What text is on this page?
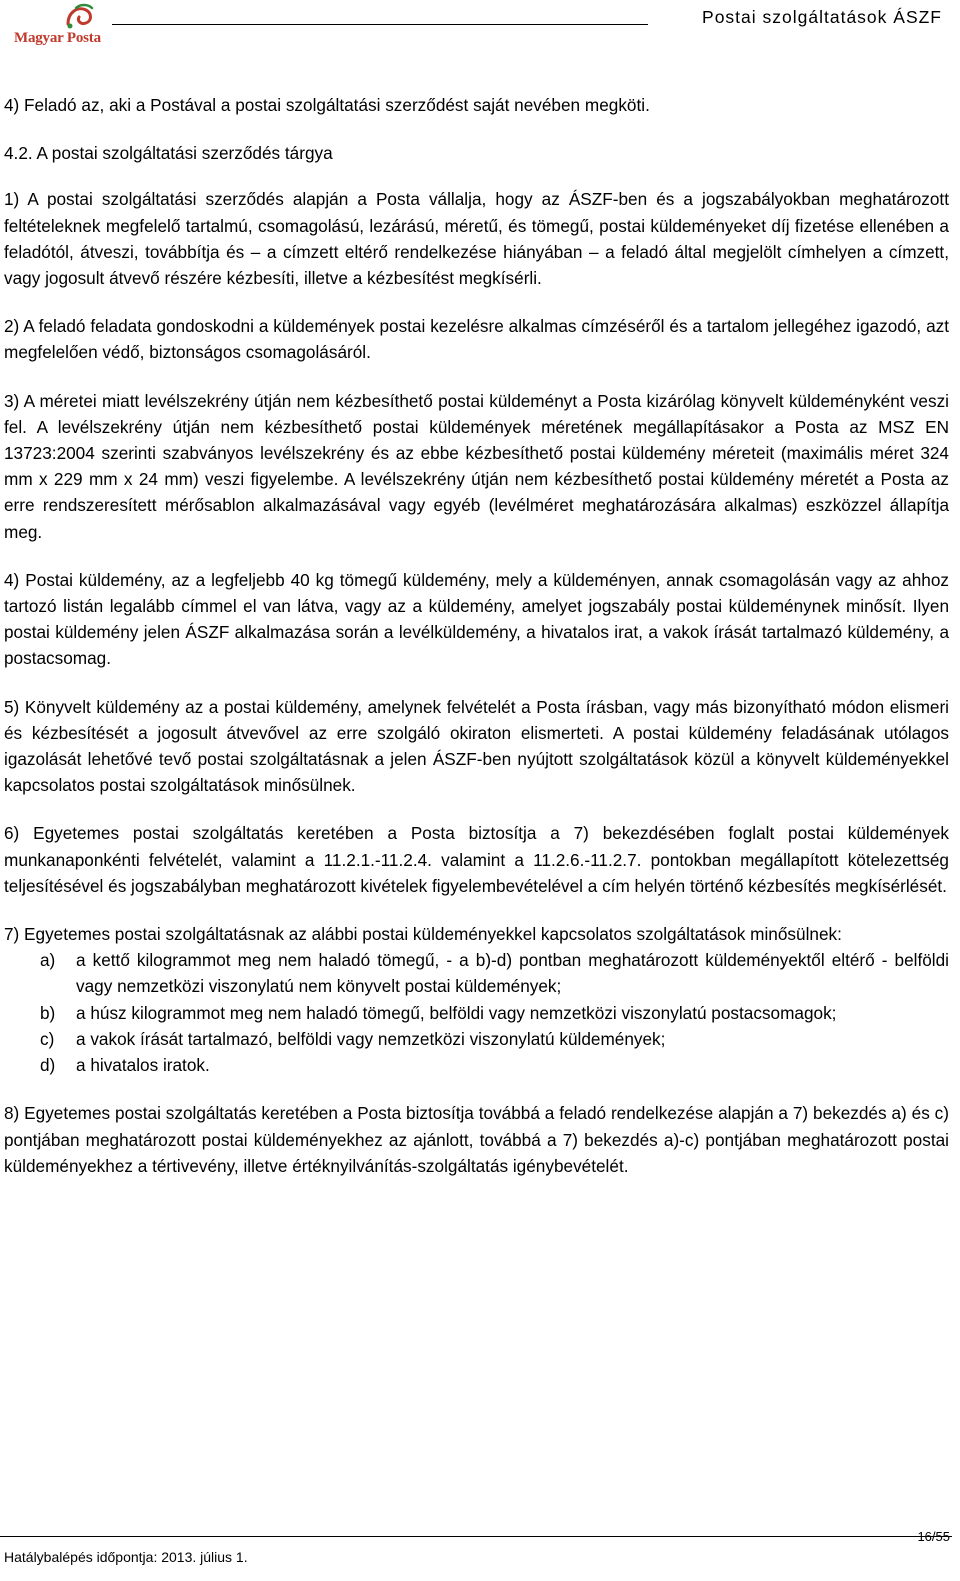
Magyar Posta
Postai szolgáltatások ÁSZF

4) Feladó az, aki a Postával a postai szolgáltatási szerződést saját nevében megköti.

4.2. A postai szolgáltatási szerződés tárgya

1) A postai szolgáltatási szerződés alapján a Posta vállalja, hogy az ÁSZF-ben és a jogszabályokban meghatározott feltételeknek megfelelő tartalmú, csomagolású, lezárású, méretű, és tömegű, postai küldeményeket díj fizetése ellenében a feladótól, átveszi, továbbítja és – a címzett eltérő rendelkezése hiányában – a feladó által megjelölt címhelyen a címzett, vagy jogosult átvevő részére kézbesíti, illetve a kézbesítést megkísérli.

2) A feladó feladata gondoskodni a küldemények postai kezelésre alkalmas címzéséről és a tartalom jellegéhez igazodó, azt megfelelően védő, biztonságos csomagolásáról.

3) A méretei miatt levélszekrény útján nem kézbesíthető postai küldeményt a Posta kizárólag könyvelt küldeményként veszi fel. A levélszekrény útján nem kézbesíthető postai küldemények méretének megállapításakor a Posta az MSZ EN 13723:2004 szerinti szabványos levélszekrény és az ebbe kézbesíthető postai küldemény méreteit (maximális méret 324 mm x 229 mm x 24 mm) veszi figyelembe. A levélszekrény útján nem kézbesíthető postai küldemény méretét a Posta az erre rendszeresített mérősablon alkalmazásával vagy egyéb (levélméret meghatározására alkalmas) eszközzel állapítja meg.

4) Postai küldemény, az a legfeljebb 40 kg tömegű küldemény, mely a küldeményen, annak csomagolásán vagy az ahhoz tartozó listán legalább címmel el van látva, vagy az a küldemény, amelyet jogszabály postai küldeménynek minősít. Ilyen postai küldemény jelen ÁSZF alkalmazása során a levélküldemény, a hivatalos irat, a vakok írását tartalmazó küldemény, a postacsomag.

5) Könyvelt küldemény az a postai küldemény, amelynek felvételét a Posta írásban, vagy más bizonyítható módon elismeri és kézbesítését a jogosult átvevővel az erre szolgáló okiraton elismerteti. A postai küldemény feladásának utólagos igazolását lehetővé tevő postai szolgáltatásnak a jelen ÁSZF-ben nyújtott szolgáltatások közül a könyvelt küldeményekkel kapcsolatos postai szolgáltatások minősülnek.

6) Egyetemes postai szolgáltatás keretében a Posta biztosítja a 7) bekezdésében foglalt postai küldemények munkanaponkénti felvételét, valamint a 11.2.1.-11.2.4. valamint a 11.2.6.-11.2.7. pontokban megállapított kötelezettség teljesítésével és jogszabályban meghatározott kivételek figyelembevételével a cím helyén történő kézbesítés megkísérlését.

7) Egyetemes postai szolgáltatásnak az alábbi postai küldeményekkel kapcsolatos szolgáltatások minősülnek:

a) a kettő kilogrammot meg nem haladó tömegű, - a b)-d) pontban meghatározott küldeményektől eltérő - belföldi vagy nemzetközi viszonylatú nem könyvelt postai küldemények;
b) a húsz kilogrammot meg nem haladó tömegű, belföldi vagy nemzetközi viszonylatú postacsomagok;
c) a vakok írását tartalmazó, belföldi vagy nemzetközi viszonylatú küldemények;
d) a hivatalos iratok.

8) Egyetemes postai szolgáltatás keretében a Posta biztosítja továbbá a feladó rendelkezése alapján a 7) bekezdés a) és c) pontjában meghatározott postai küldeményekhez az ajánlott, továbbá a 7) bekezdés a)-c) pontjában meghatározott postai küldeményekhez a tértivevény, illetve értéknyilvánítás-szolgáltatás igénybevételét.

16/55
Hatálybalépés időpontja: 2013. július 1.
